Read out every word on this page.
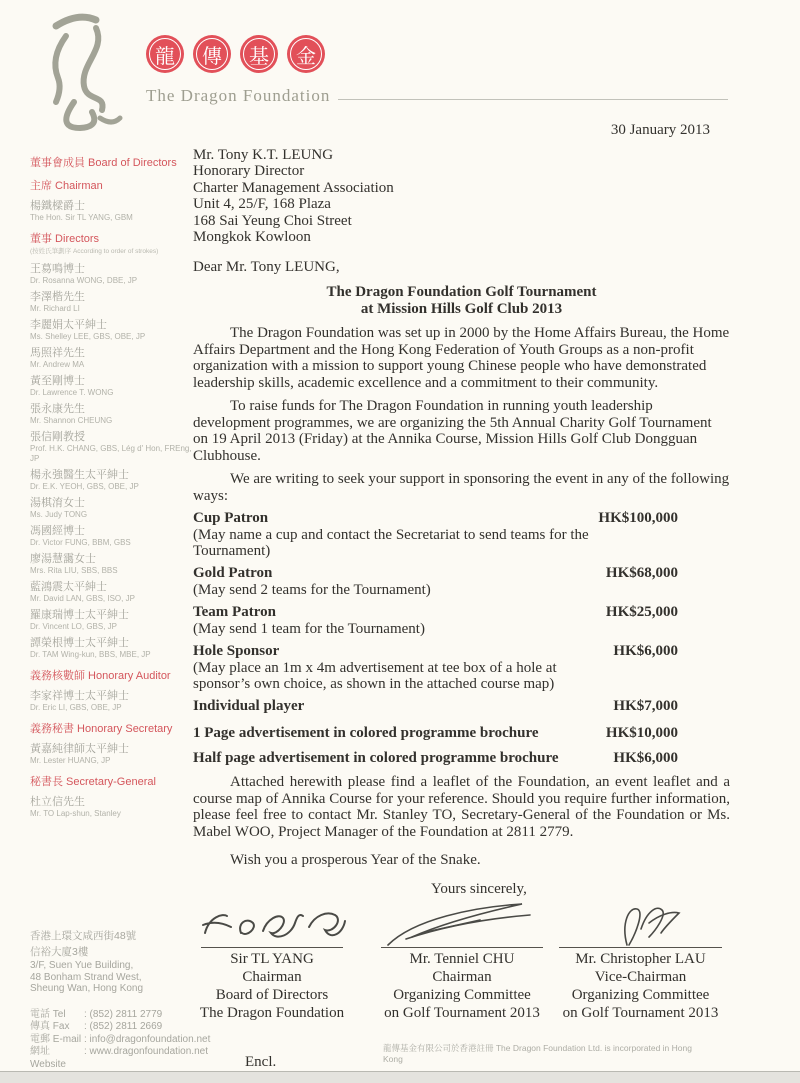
龍	傳	基	金
The Dragon Foundation
董事會成員 Board of Directors
主席 Chairman
楊鐵樑爵士
The Hon. Sir TL YANG, GBM
董事 Directors
(按姓氏筆劃序 According to order of strokes)
王䓪鳴博士
Dr. Rosanna WONG, DBE, JP
李澤楷先生
Mr. Richard LI
李麗娟太平紳士
Ms. Shelley LEE, GBS, OBE, JP
馬照祥先生
Mr. Andrew MA
黃至剛博士
Dr. Lawrence T. WONG
張永康先生
Mr. Shannon CHEUNG
張信剛教授
Prof. H.K. CHANG, GBS, Lég d' Hon, FREng, JP
楊永強醫生太平紳士
Dr. E.K. YEOH, GBS, OBE, JP
湯棋淯女士
Ms. Judy TONG
馮國經博士
Dr. Victor FUNG, BBM, GBS
廖湯慧靄女士
Mrs. Rita LIU, SBS, BBS
藍鴻震太平紳士
Mr. David LAN, GBS, ISO, JP
羅康瑞博士太平紳士
Dr. Vincent LO, GBS, JP
譚榮根博士太平紳士
Dr. TAM Wing-kun, BBS, MBE, JP
義務核數師 Honorary Auditor
李家祥博士太平紳士
Dr. Eric LI, GBS, OBE, JP
義務秘書 Honorary Secretary
黃嘉純律師太平紳士
Mr. Lester HUANG, JP
秘書長 Secretary-General
杜立信先生
Mr. TO Lap-shun, Stanley
香港上環文咸西街48號
信裕大廈3樓
3/F, Suen Yue Building,
48 Bonham Strand West,
Sheung Wan, Hong Kong
電話 Tel	: (852) 2811 2779
傳真 Fax	: (852) 2811 2669
電郵 E-mail : info@dragonfoundation.net
網址 Website
: www.dragonfoundation.net
30 January 2013
Mr. Tony K.T. LEUNG
Honorary Director
Charter Management Association
Unit 4, 25/F, 168 Plaza
168 Sai Yeung Choi Street
Mongkok Kowloon
Dear Mr. Tony LEUNG,
The Dragon Foundation Golf Tournament
at Mission Hills Golf Club 2013

The Dragon Foundation was set up in 2000 by the Home Affairs Bureau, the Home Affairs Department and the Hong Kong Federation of Youth Groups as a non-profit organization with a mission to support young Chinese people who have demonstrated leadership skills, academic excellence and a commitment to their community.

To raise funds for The Dragon Foundation in running youth leadership development programmes, we are organizing the 5th Annual Charity Golf Tournament on 19 April 2013 (Friday) at the Annika Course, Mission Hills Golf Club Dongguan Clubhouse.

We are writing to seek your support in sponsoring the event in any of the following ways:

Cup Patron
(May name a cup and contact the Secretariat to send teams for the Tournament)
HK$100,000
Gold Patron
(May send 2 teams for the Tournament)
HK$68,000
Team Patron
(May send 1 team for the Tournament)
HK$25,000
Hole Sponsor
(May place an 1m x 4m advertisement at tee box of a hole at sponsor’s own choice, as shown in the attached course map)
HK$6,000
Individual player	HK$7,000
1 Page advertisement in colored programme brochure	HK$10,000
Half page advertisement in colored programme brochure	HK$6,000

Attached herewith please find a leaflet of the Foundation, an event leaflet and a course map of Annika Course for your reference. Should you require further information, please feel free to contact Mr. Stanley TO, Secretary-General of the Foundation or Ms. Mabel WOO, Project Manager of the Foundation at 2811 2779.

Wish you a prosperous Year of the Snake.
Yours sincerely,
Sir TL YANG
Chairman
Board of Directors
The Dragon Foundation
Mr. Tenniel CHU
Chairman
Organizing Committee
on Golf Tournament 2013
Mr. Christopher LAU
Vice-Chairman
Organizing Committee
on Golf Tournament 2013
龍傳基金有限公司於香港註冊 The Dragon Foundation Ltd. is incorporated in Hong Kong
Encl.
